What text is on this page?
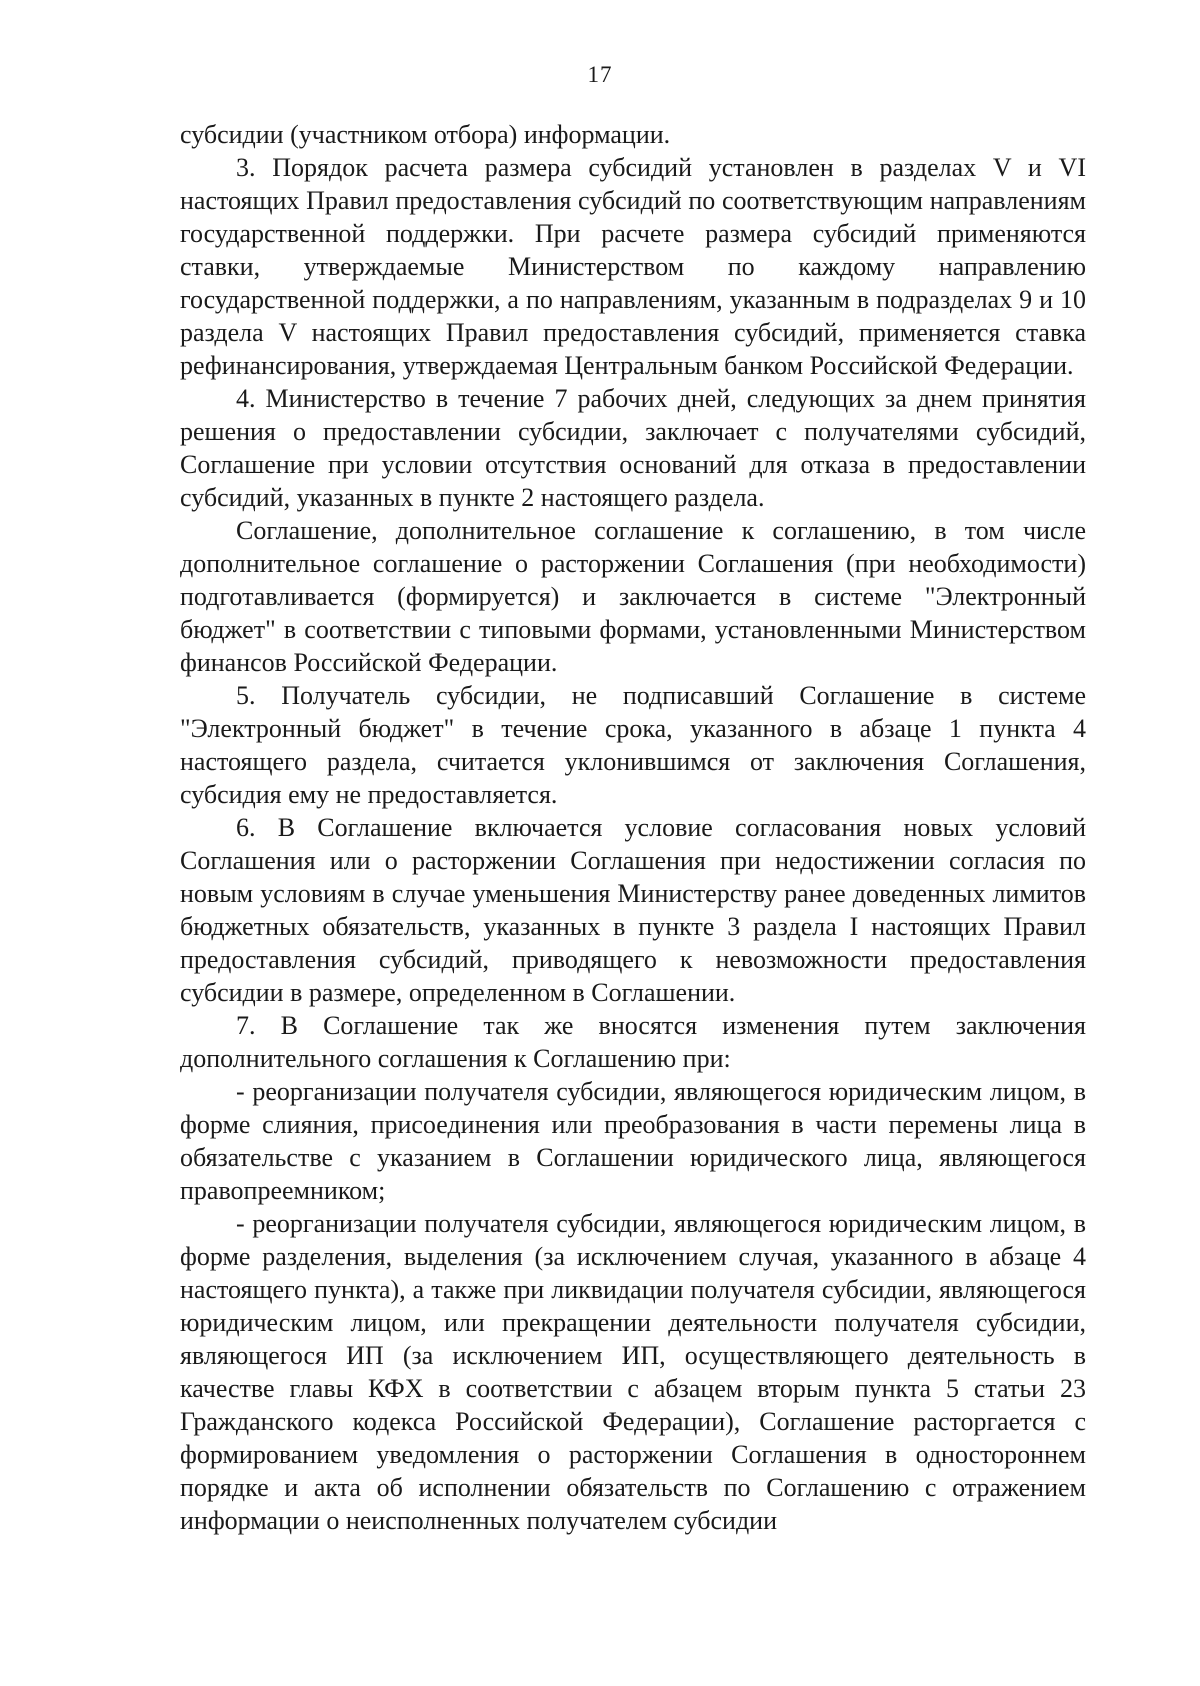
17

субсидии (участником отбора) информации.

3. Порядок расчета размера субсидий установлен в разделах V и VI настоящих Правил предоставления субсидий по соответствующим направлениям государственной поддержки. При расчете размера субсидий применяются ставки, утверждаемые Министерством по каждому направлению государственной поддержки, а по направлениям, указанным в подразделах 9 и 10 раздела V настоящих Правил предоставления субсидий, применяется ставка рефинансирования, утверждаемая Центральным банком Российской Федерации.

4. Министерство в течение 7 рабочих дней, следующих за днем принятия решения о предоставлении субсидии, заключает с получателями субсидий, Соглашение при условии отсутствия оснований для отказа в предоставлении субсидий, указанных в пункте 2 настоящего раздела.

Соглашение, дополнительное соглашение к соглашению, в том числе дополнительное соглашение о расторжении Соглашения (при необходимости) подготавливается (формируется) и заключается в системе "Электронный бюджет" в соответствии с типовыми формами, установленными Министерством финансов Российской Федерации.

5. Получатель субсидии, не подписавший Соглашение в системе "Электронный бюджет" в течение срока, указанного в абзаце 1 пункта 4 настоящего раздела, считается уклонившимся от заключения Соглашения, субсидия ему не предоставляется.

6. В Соглашение включается условие согласования новых условий Соглашения или о расторжении Соглашения при недостижении согласия по новым условиям в случае уменьшения Министерству ранее доведенных лимитов бюджетных обязательств, указанных в пункте 3 раздела I настоящих Правил предоставления субсидий, приводящего к невозможности предоставления субсидии в размере, определенном в Соглашении.

7. В Соглашение так же вносятся изменения путем заключения дополнительного соглашения к Соглашению при:

- реорганизации получателя субсидии, являющегося юридическим лицом, в форме слияния, присоединения или преобразования в части перемены лица в обязательстве с указанием в Соглашении юридического лица, являющегося правопреемником;

- реорганизации получателя субсидии, являющегося юридическим лицом, в форме разделения, выделения (за исключением случая, указанного в абзаце 4 настоящего пункта), а также при ликвидации получателя субсидии, являющегося юридическим лицом, или прекращении деятельности получателя субсидии, являющегося ИП (за исключением ИП, осуществляющего деятельность в качестве главы КФХ в соответствии с абзацем вторым пункта 5 статьи 23 Гражданского кодекса Российской Федерации), Соглашение расторгается с формированием уведомления о расторжении Соглашения в одностороннем порядке и акта об исполнении обязательств по Соглашению с отражением информации о неисполненных получателем субсидии
